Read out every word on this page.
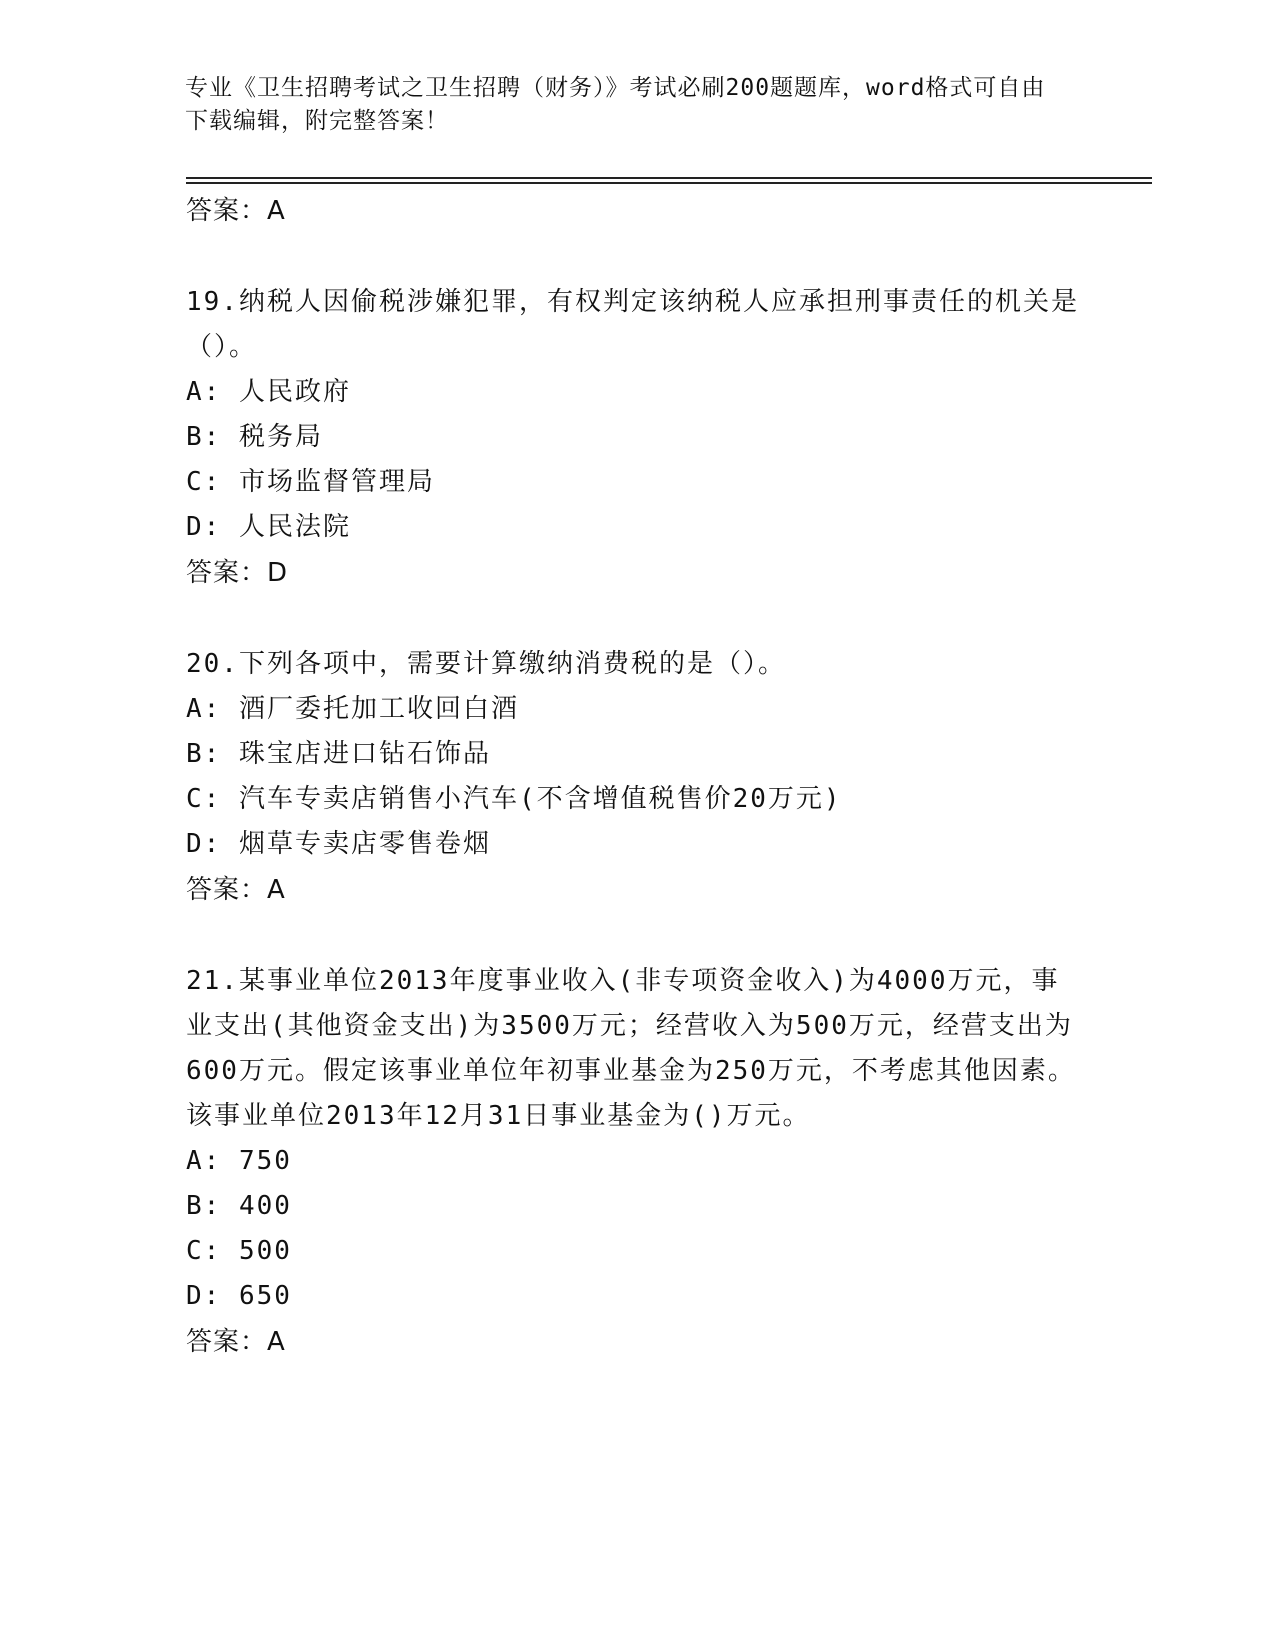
专业《卫生招聘考试之卫生招聘（财务）》考试必刷200题题库，word格式可自由下载编辑，附完整答案！
答案：A
19.纳税人因偷税涉嫌犯罪，有权判定该纳税人应承担刑事责任的机关是（）。
A: 人民政府
B: 税务局
C: 市场监督管理局
D: 人民法院
答案：D
20.下列各项中，需要计算缴纳消费税的是（）。
A: 酒厂委托加工收回白酒
B: 珠宝店进口钻石饰品
C: 汽车专卖店销售小汽车(不含增值税售价20万元)
D: 烟草专卖店零售卷烟
答案：A
21.某事业单位2013年度事业收入(非专项资金收入)为4000万元，事业支出(其他资金支出)为3500万元；经营收入为500万元，经营支出为600万元。假定该事业单位年初事业基金为250万元，不考虑其他因素。该事业单位2013年12月31日事业基金为()万元。
A: 750
B: 400
C: 500
D: 650
答案：A
